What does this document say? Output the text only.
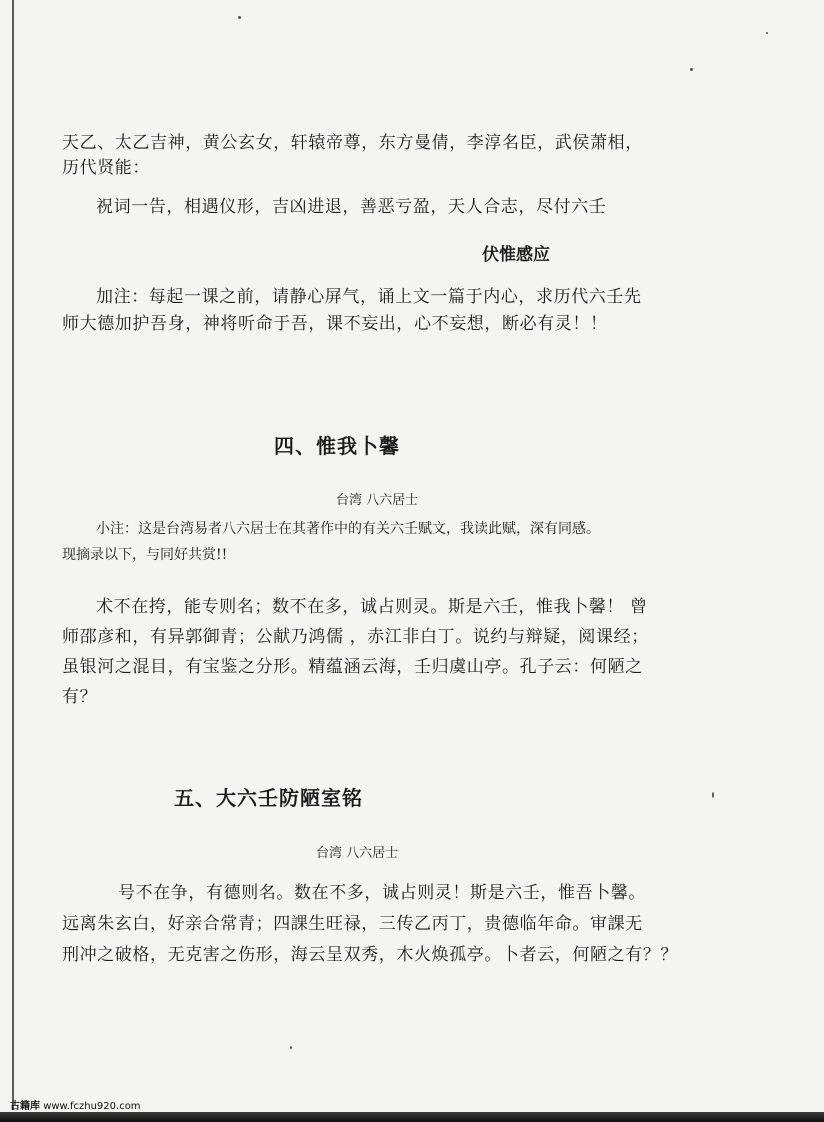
天乙、太乙吉神，黄公玄女，轩辕帝尊，东方曼倩，李淳名臣，武侯萧相，
历代贤能：
祝词一告，相遇仪形，吉凶进退，善恶亏盈，天人合志，尽付六壬
伏惟感应
加注：每起一课之前，请静心屏气，诵上文一篇于内心，求历代六壬先
师大德加护吾身，神将听命于吾，课不妄出，心不妄想，断必有灵！！
四、惟我卜馨
台湾 八六居士
小注：这是台湾易者八六居士在其著作中的有关六壬赋文，我读此赋，深有同感。
现摘录以下，与同好共赏!!
术不在挎，能专则名；数不在多，诚占则灵。斯是六壬，惟我卜馨！ 曾
师邵彦和，有异郭御青；公献乃鸿儒 ，赤江非白丁。说约与辩疑，阅课经；
虽银河之混目，有宝鉴之分形。精蕴涵云海，壬归虞山亭。孔子云：何陋之
有？
五、大六壬防陋室铭
台湾 八六居士
号不在争，有德则名。数在不多，诚占则灵！斯是六壬，惟吾卜馨。
远离朱玄白，好亲合常青；四課生旺禄，三传乙丙丁，贵德临年命。审課无
刑冲之破格，无克害之伤形，海云呈双秀，木火焕孤亭。卜者云，何陋之有？？
古籍库 www.fczhu920.com
